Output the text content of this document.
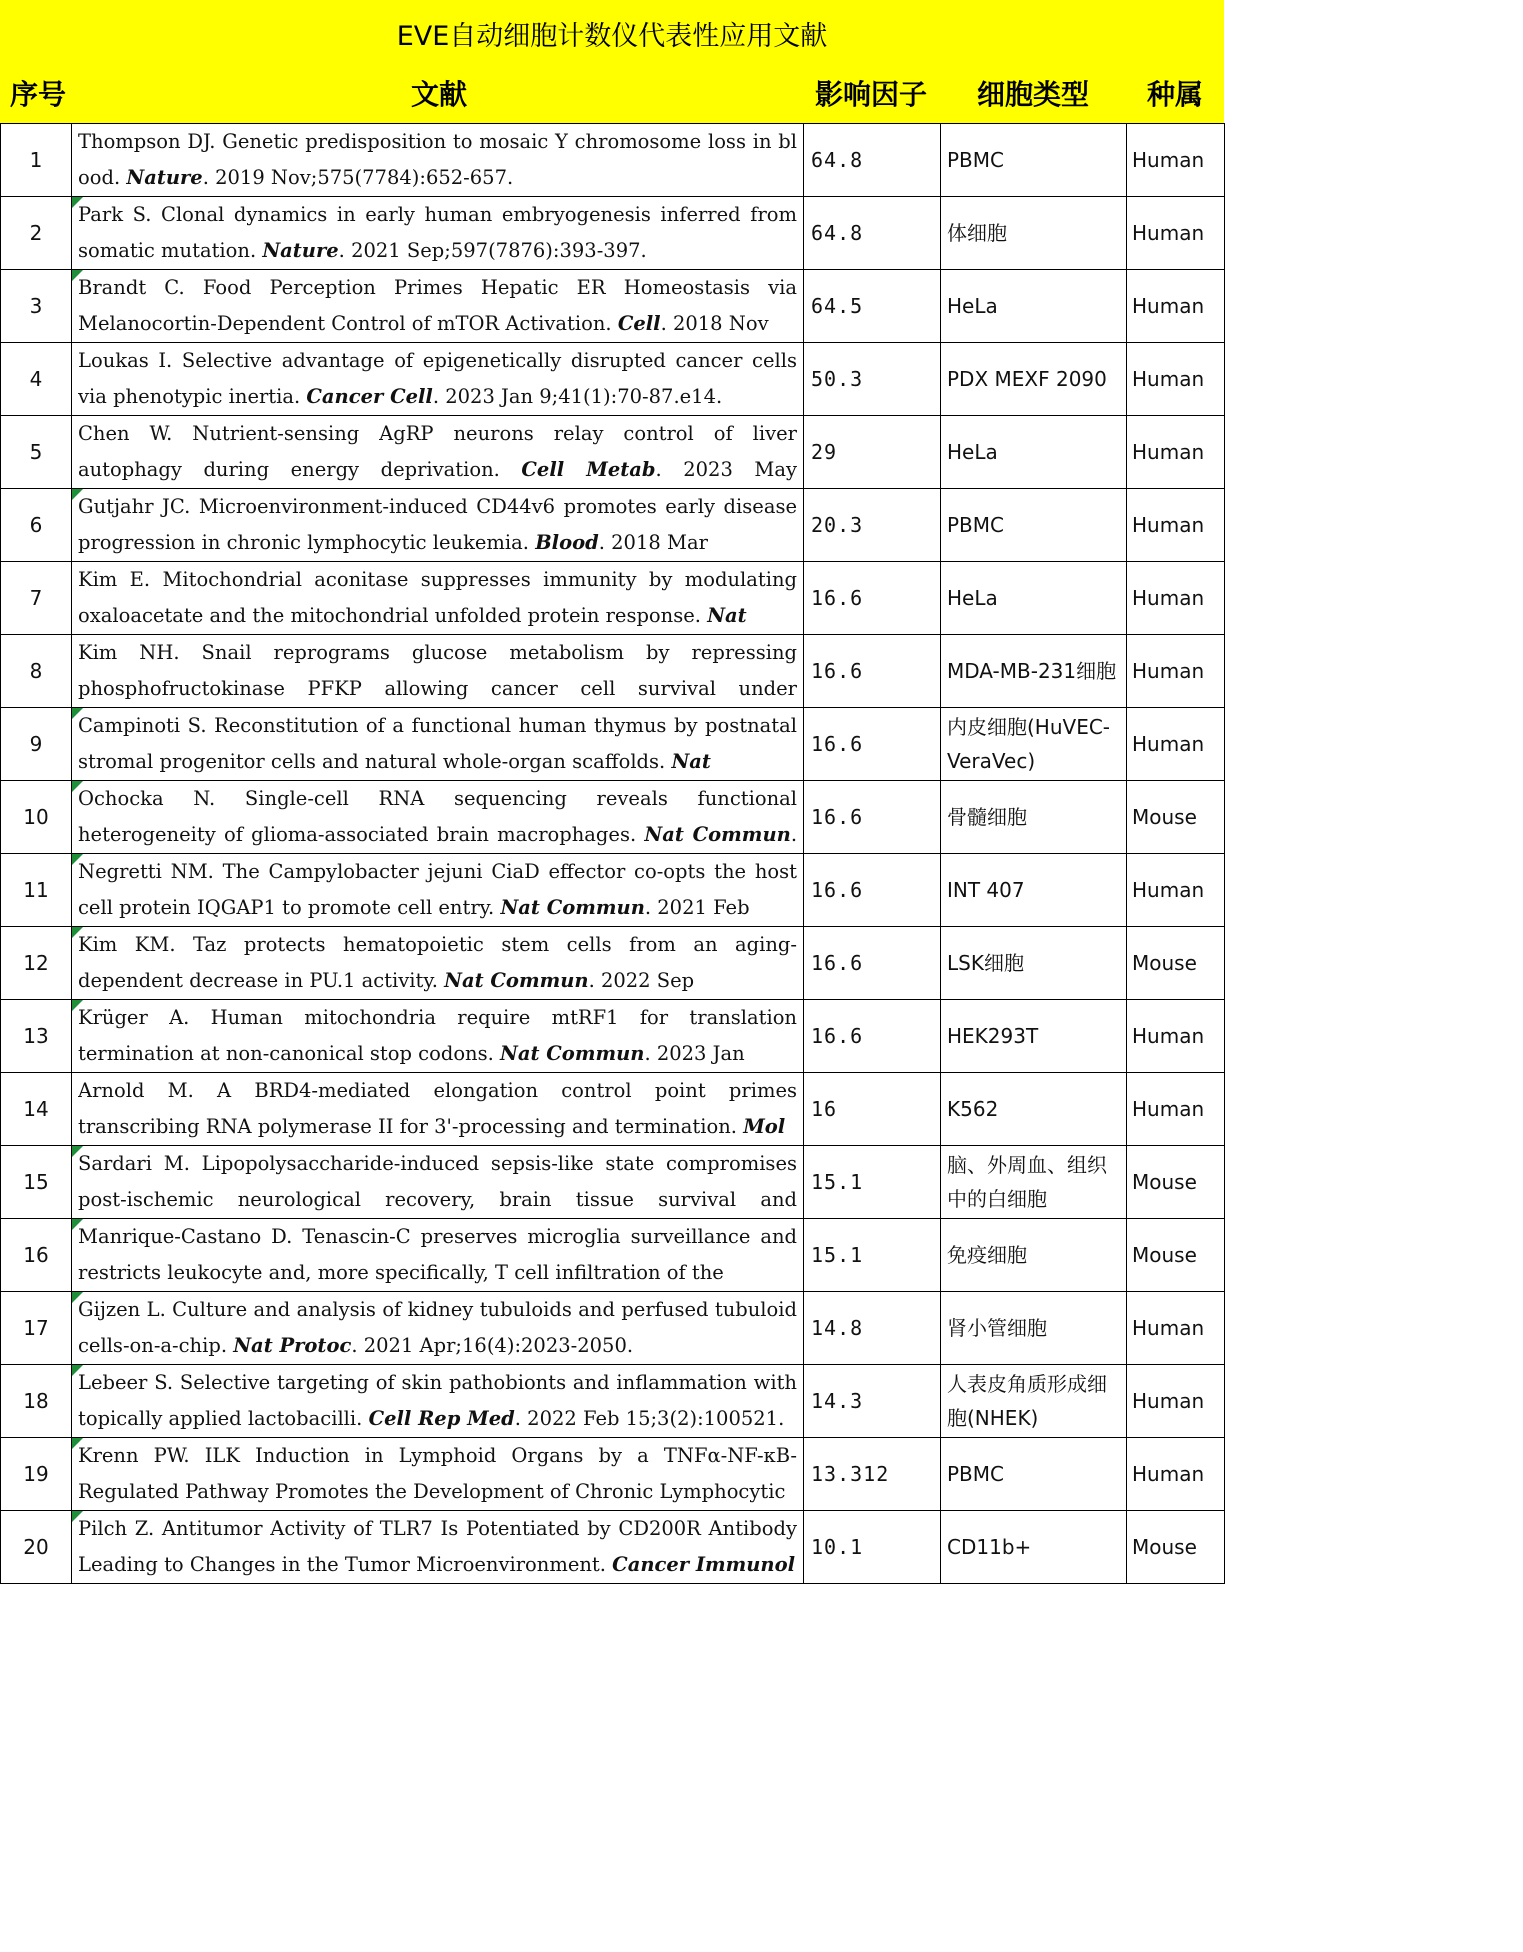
EVE自动细胞计数仪代表性应用文献
序号	文献	影响因子	细胞类型	种属
1	Thompson DJ. Genetic predisposition to mosaic Y chromosome loss in bl ood. Nature. 2019 Nov;575(7784):652-657.	64.8	PBMC	Human
2	Park S. Clonal dynamics in early human embryogenesis inferred from somatic mutation. Nature. 2021 Sep;597(7876):393-397.	64.8	体细胞	Human
3	Brandt C. Food Perception Primes Hepatic ER Homeostasis via Melanocortin-Dependent Control of mTOR Activation. Cell. 2018 Nov	64.5	HeLa	Human
4	Loukas I. Selective advantage of epigenetically disrupted cancer cells via phenotypic inertia. Cancer Cell. 2023 Jan 9;41(1):70-87.e14.	50.3	PDX MEXF 2090	Human
5	Chen W. Nutrient-sensing AgRP neurons relay control of liver autophagy during energy deprivation. Cell Metab. 2023 May	29	HeLa	Human
6	Gutjahr JC. Microenvironment-induced CD44v6 promotes early disease progression in chronic lymphocytic leukemia. Blood. 2018 Mar	20.3	PBMC	Human
7	Kim E. Mitochondrial aconitase suppresses immunity by modulating oxaloacetate and the mitochondrial unfolded protein response. Nat	16.6	HeLa	Human
8	Kim NH. Snail reprograms glucose metabolism by repressing phosphofructokinase PFKP allowing cancer cell survival under	16.6	MDA-MB-231细胞	Human
9	Campinoti S. Reconstitution of a functional human thymus by postnatal stromal progenitor cells and natural whole-organ scaffolds. Nat	16.6	内皮细胞(HuVEC-VeraVec)	Human
10	Ochocka N. Single-cell RNA sequencing reveals functional heterogeneity of glioma-associated brain macrophages. Nat Commun.	16.6	骨髓细胞	Mouse
11	Negretti NM. The Campylobacter jejuni CiaD effector co-opts the host cell protein IQGAP1 to promote cell entry. Nat Commun. 2021 Feb	16.6	INT 407	Human
12	Kim KM. Taz protects hematopoietic stem cells from an aging-dependent decrease in PU.1 activity. Nat Commun. 2022 Sep	16.6	LSK细胞	Mouse
13	Krüger A. Human mitochondria require mtRF1 for translation termination at non-canonical stop codons. Nat Commun. 2023 Jan	16.6	HEK293T	Human
14	Arnold M. A BRD4-mediated elongation control point primes transcribing RNA polymerase II for 3'-processing and termination. Mol	16	K562	Human
15	Sardari M. Lipopolysaccharide-induced sepsis-like state compromises post-ischemic neurological recovery, brain tissue survival and	15.1	脑、外周血、组织中的白细胞	Mouse
16	Manrique-Castano D. Tenascin-C preserves microglia surveillance and restricts leukocyte and, more specifically, T cell infiltration of the	15.1	免疫细胞	Mouse
17	Gijzen L. Culture and analysis of kidney tubuloids and perfused tubuloid cells-on-a-chip. Nat Protoc. 2021 Apr;16(4):2023-2050.	14.8	肾小管细胞	Human
18	Lebeer S. Selective targeting of skin pathobionts and inflammation with topically applied lactobacilli. Cell Rep Med. 2022 Feb 15;3(2):100521.	14.3	人表皮角质形成细胞(NHEK)	Human
19	Krenn PW. ILK Induction in Lymphoid Organs by a TNFα-NF-κB-Regulated Pathway Promotes the Development of Chronic Lymphocytic	13.312	PBMC	Human
20	Pilch Z. Antitumor Activity of TLR7 Is Potentiated by CD200R Antibody Leading to Changes in the Tumor Microenvironment. Cancer Immunol	10.1	CD11b+	Mouse
